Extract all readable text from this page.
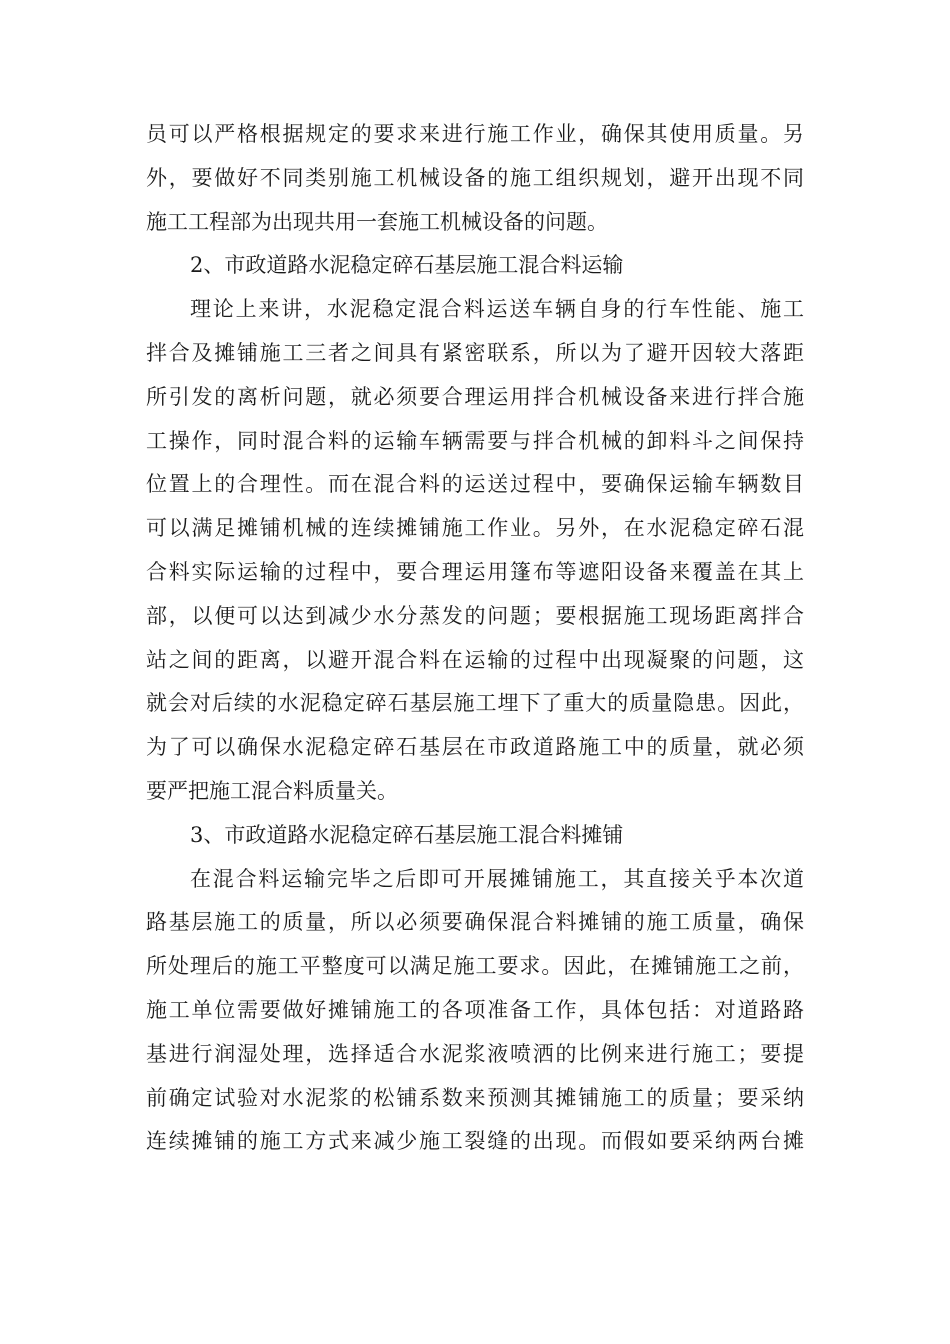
员可以严格根据规定的要求来进行施工作业，确保其使用质量。另
外，要做好不同类别施工机械设备的施工组织规划，避开出现不同
施工工程部为出现共用一套施工机械设备的问题。
2、市政道路水泥稳定碎石基层施工混合料运输
理论上来讲，水泥稳定混合料运送车辆自身的行车性能、施工
拌合及摊铺施工三者之间具有紧密联系，所以为了避开因较大落距
所引发的离析问题，就必须要合理运用拌合机械设备来进行拌合施
工操作，同时混合料的运输车辆需要与拌合机械的卸料斗之间保持
位置上的合理性。而在混合料的运送过程中，要确保运输车辆数目
可以满足摊铺机械的连续摊铺施工作业。另外，在水泥稳定碎石混
合料实际运输的过程中，要合理运用篷布等遮阳设备来覆盖在其上
部，以便可以达到减少水分蒸发的问题；要根据施工现场距离拌合
站之间的距离，以避开混合料在运输的过程中出现凝聚的问题，这
就会对后续的水泥稳定碎石基层施工埋下了重大的质量隐患。因此，
为了可以确保水泥稳定碎石基层在市政道路施工中的质量，就必须
要严把施工混合料质量关。
3、市政道路水泥稳定碎石基层施工混合料摊铺
在混合料运输完毕之后即可开展摊铺施工，其直接关乎本次道
路基层施工的质量，所以必须要确保混合料摊铺的施工质量，确保
所处理后的施工平整度可以满足施工要求。因此，在摊铺施工之前，
施工单位需要做好摊铺施工的各项准备工作，具体包括：对道路路
基进行润湿处理，选择适合水泥浆液喷洒的比例来进行施工；要提
前确定试验对水泥浆的松铺系数来预测其摊铺施工的质量；要采纳
连续摊铺的施工方式来减少施工裂缝的出现。而假如要采纳两台摊
